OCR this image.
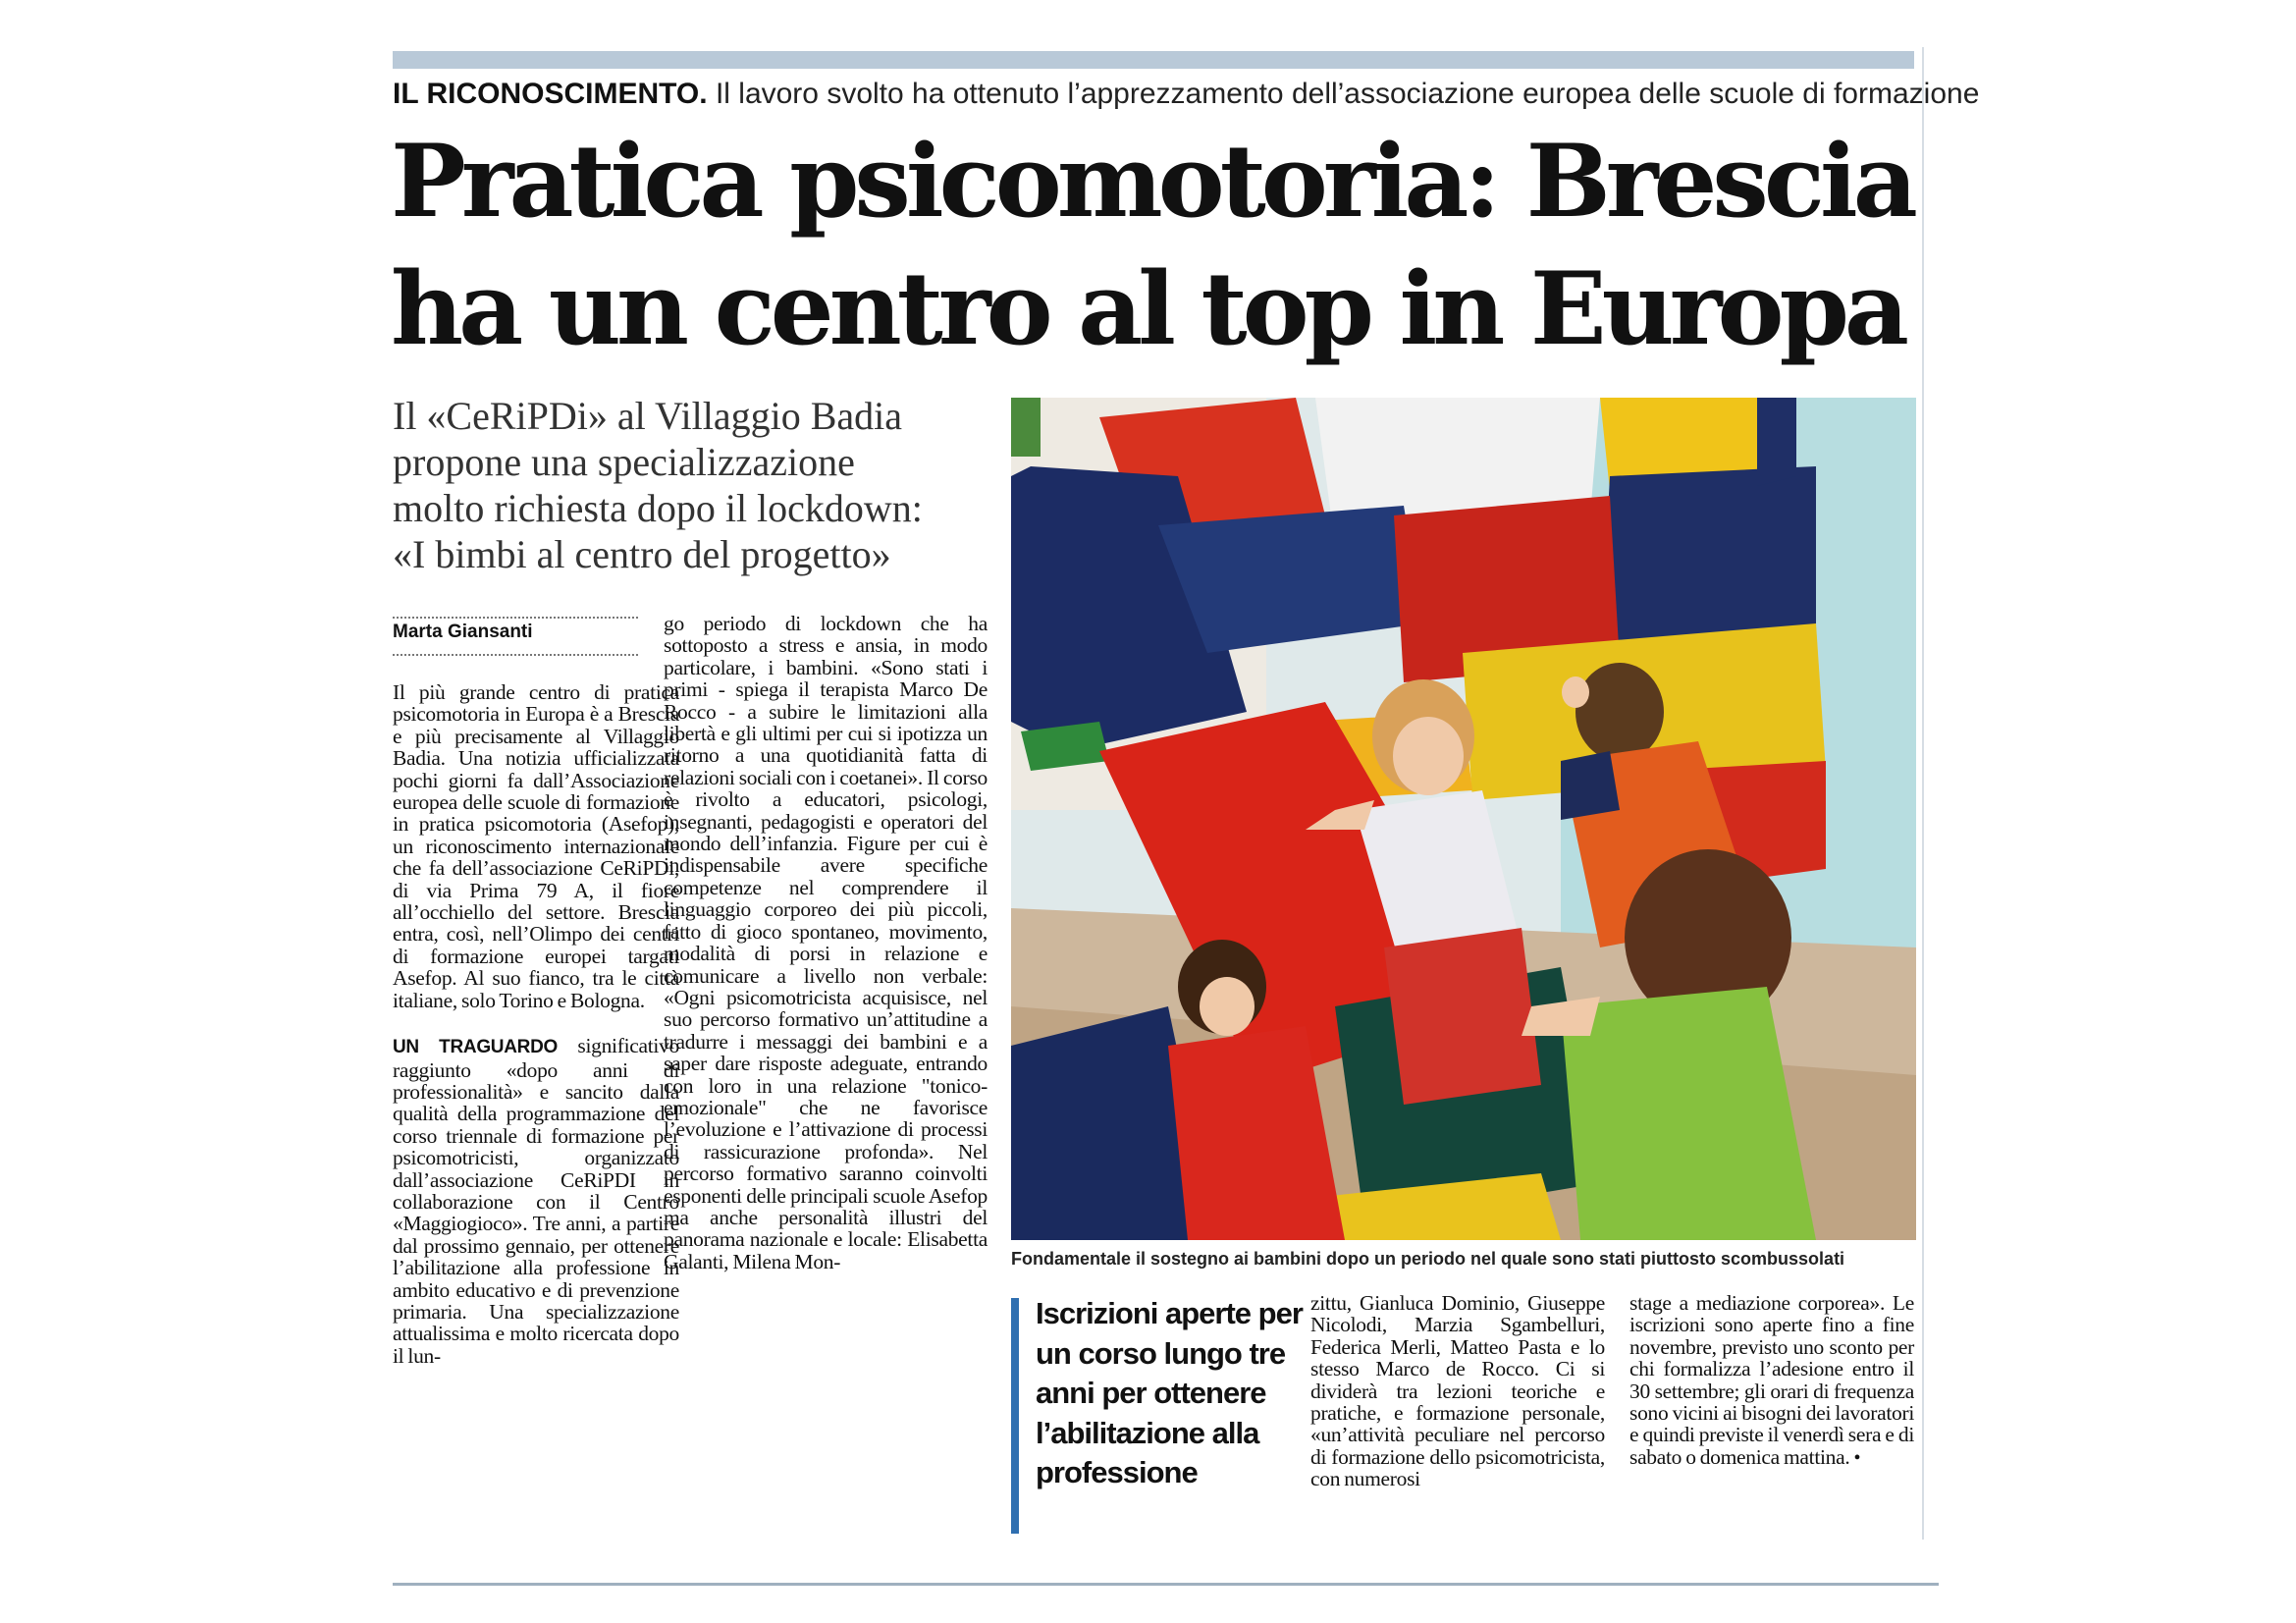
IL RICONOSCIMENTO. Il lavoro svolto ha ottenuto l’apprezzamento dell’associazione europea delle scuole di formazione
Pratica psicomotoria: Brescia
ha un centro al top in Europa
Il «CeRiPDi» al Villaggio Badia
propone una specializzazione
molto richiesta dopo il lockdown:
«I bimbi al centro del progetto»
Fondamentale il sostegno ai bambini dopo un periodo nel quale sono stati piuttosto scombussolati
Marta Giansanti

Il più grande centro di pratica psicomotoria in Europa è a Brescia e più precisamente al Villaggio Badia. Una notizia ufficializzata pochi giorni fa dall’Associazione europea delle scuole di formazione in pratica psicomotoria (Asefop), un riconoscimento internazionale che fa dell’associazione CeRiPDi, di via Prima 79 A, il fiore all’occhiello del settore. Brescia entra, così, nell’Olimpo dei centri di formazione europei targati Asefop. Al suo fianco, tra le città italiane, solo Torino e Bologna.

UN TRAGUARDO significativo raggiunto «dopo anni di professionalità» e sancito dalla qualità della programmazione del corso triennale di formazione per psicomotricisti, organizzato dall’associazione CeRiPDI in collaborazione con il Centro «Maggiogioco». Tre anni, a partire dal prossimo gennaio, per ottenere l’abilitazione alla professione in ambito educativo e di prevenzione primaria. Una specializzazione attualissima e molto ricercata dopo il lun-

go periodo di lockdown che ha sottoposto a stress e ansia, in modo particolare, i bambini. «Sono stati i primi - spiega il terapista Marco De Rocco - a subire le limitazioni alla libertà e gli ultimi per cui si ipotizza un ritorno a una quotidianità fatta di relazioni sociali con i coetanei». Il corso è rivolto a educatori, psicologi, insegnanti, pedagogisti e operatori del mondo dell’infanzia. Figure per cui è indispensabile avere specifiche competenze nel comprendere il linguaggio corporeo dei più piccoli, fatto di gioco spontaneo, movimento, modalità di porsi in relazione e comunicare a livello non verbale: «Ogni psicomotricista acquisisce, nel suo percorso formativo un’attitudine a tradurre i messaggi dei bambini e a saper dare risposte adeguate, entrando con loro in una relazione "tonico-emozionale" che ne favorisce l’evoluzione e l’attivazione di processi di rassicurazione profonda». Nel percorso formativo saranno coinvolti esponenti delle principali scuole Asefop ma anche personalità illustri del panorama nazionale e locale: Elisabetta Galanti, Milena Mon-

Iscrizioni aperte per un corso lungo tre anni per ottenere l’abilitazione alla professione

zittu, Gianluca Dominio, Giuseppe Nicolodi, Marzia Sgambelluri, Federica Merli, Matteo Pasta e lo stesso Marco de Rocco. Ci si dividerà tra lezioni teoriche e pratiche, e formazione personale, «un’attività peculiare nel percorso di formazione dello psicomotricista, con numerosi

stage a mediazione corporea». Le iscrizioni sono aperte fino a fine novembre, previsto uno sconto per chi formalizza l’adesione entro il 30 settembre; gli orari di frequenza sono vicini ai bisogni dei lavoratori e quindi previste il venerdì sera e di sabato o domenica mattina. •
